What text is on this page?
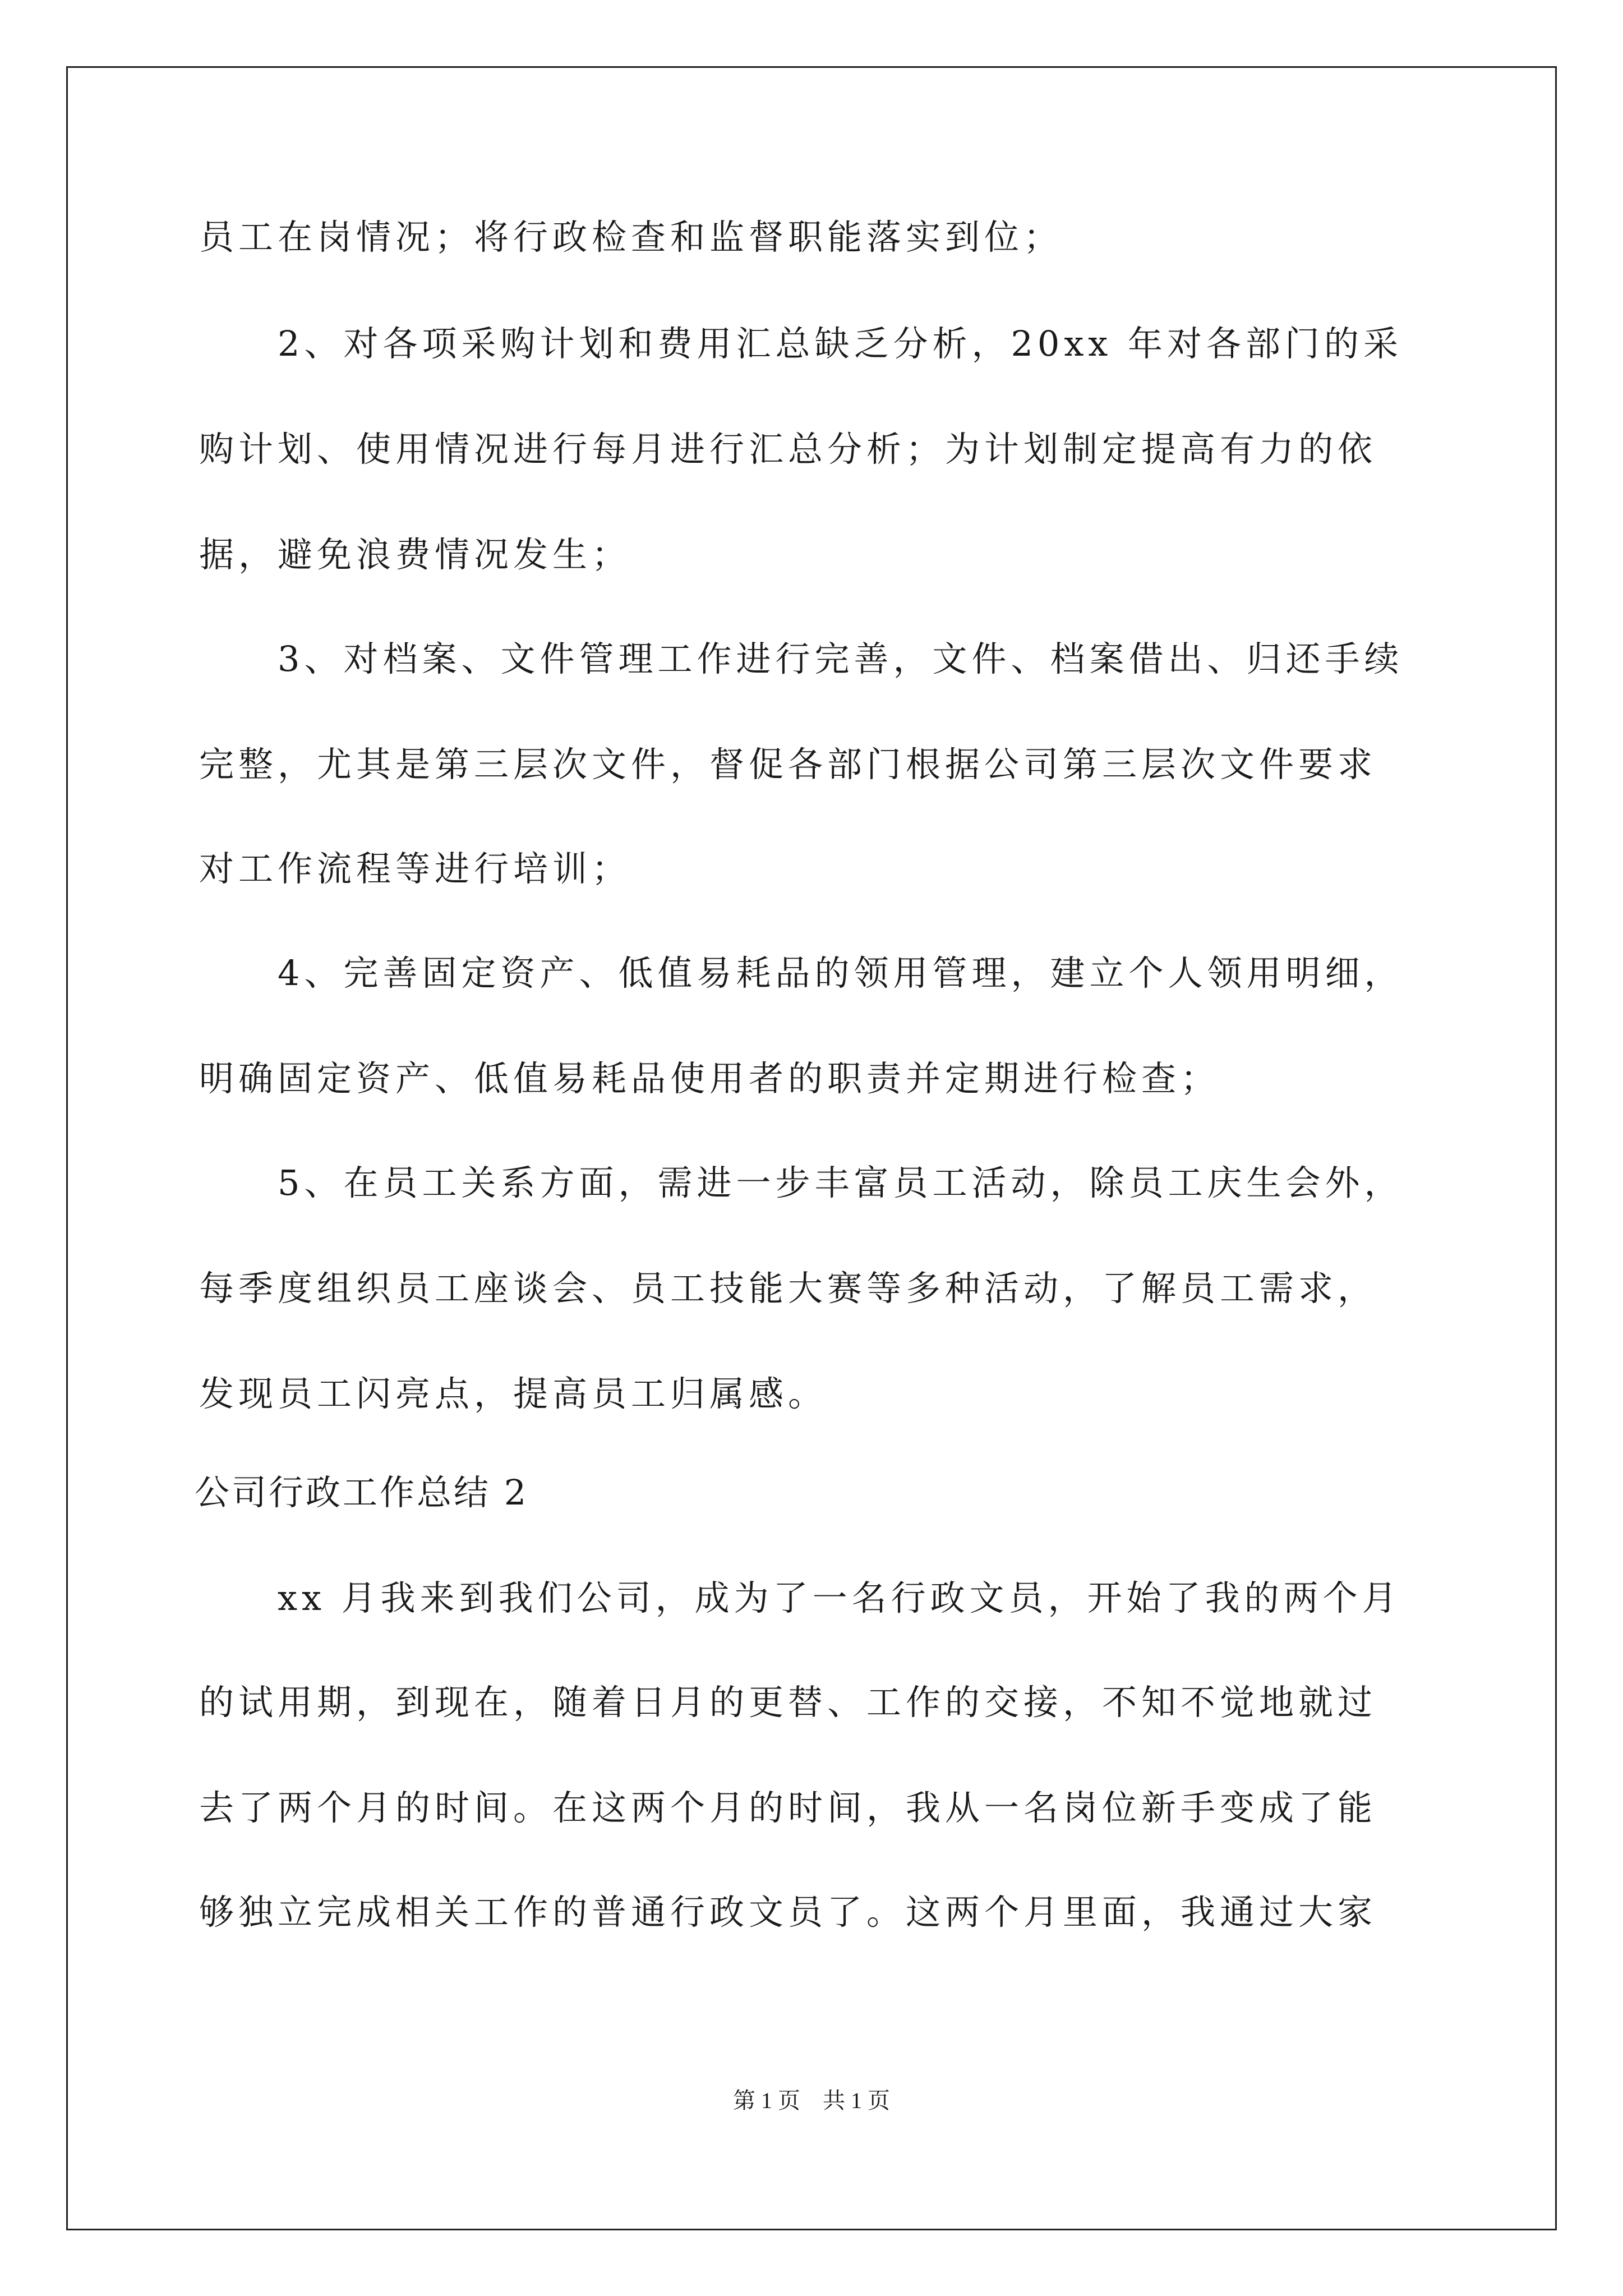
员工在岗情况；将行政检查和监督职能落实到位；
2、对各项采购计划和费用汇总缺乏分析，20xx 年对各部门的采
购计划、使用情况进行每月进行汇总分析；为计划制定提高有力的依
据，避免浪费情况发生；
3、对档案、文件管理工作进行完善，文件、档案借出、归还手续
完整，尤其是第三层次文件，督促各部门根据公司第三层次文件要求
对工作流程等进行培训；
4、完善固定资产、低值易耗品的领用管理，建立个人领用明细，
明确固定资产、低值易耗品使用者的职责并定期进行检查；
5、在员工关系方面，需进一步丰富员工活动，除员工庆生会外，
每季度组织员工座谈会、员工技能大赛等多种活动，了解员工需求，
发现员工闪亮点，提高员工归属感。
公司行政工作总结 2
xx 月我来到我们公司，成为了一名行政文员，开始了我的两个月
的试用期，到现在，随着日月的更替、工作的交接，不知不觉地就过
去了两个月的时间。在这两个月的时间，我从一名岗位新手变成了能
够独立完成相关工作的普通行政文员了。这两个月里面，我通过大家
第 1 页　共 1 页
